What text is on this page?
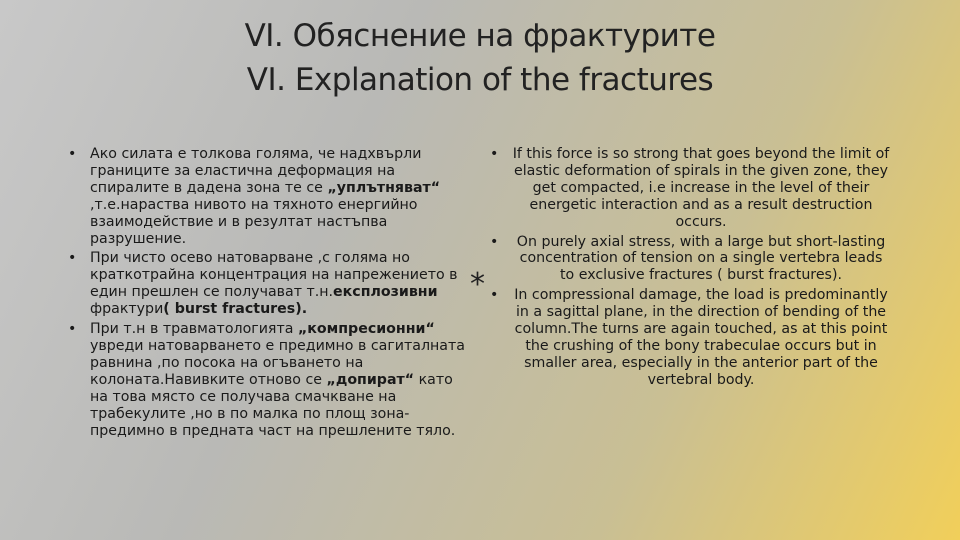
VI. Обяснение на фрактурите
VI. Explanation of the fractures
• Ако силата е толкова голяма, че надхвърли границите за еластична деформация на спиралите в дадена зона те се „уплътняват“ ,т.е.нараства нивото на тяхното енергийно взаимодействие и в резултат настъпва разрушение.

• При чисто осево натоварване ,с голяма но краткотрайна концентрация на напрежението в един прешлен се получават т.н.експлозивни фрактури( burst fractures).

• При т.н в травматологията „компресионни“ увреди натоварването е предимно в сагиталната равнина ,по посока на огъването на колоната.Навивките отново се „допират“ като на това място се получава смачкване на трабекулите ,но в по малка по площ зона-предимно в предната част на прешлените тяло.

*
• If this force is so strong that goes beyond the limit of elastic deformation of spirals in the given zone, they get compacted, i.e increase in the level of their energetic interaction and as a result destruction occurs.

•	On purely axial stress, with a large but short-lasting concentration of tension on a single vertebra leads to exclusive fractures ( burst fractures).

• In compressional damage, the load is predominantly in a sagittal plane, in the direction of bending of the column.The turns are again touched, as at this point the crushing of the bony trabeculae occurs but in smaller area, especially in the anterior part of the vertebral body.
